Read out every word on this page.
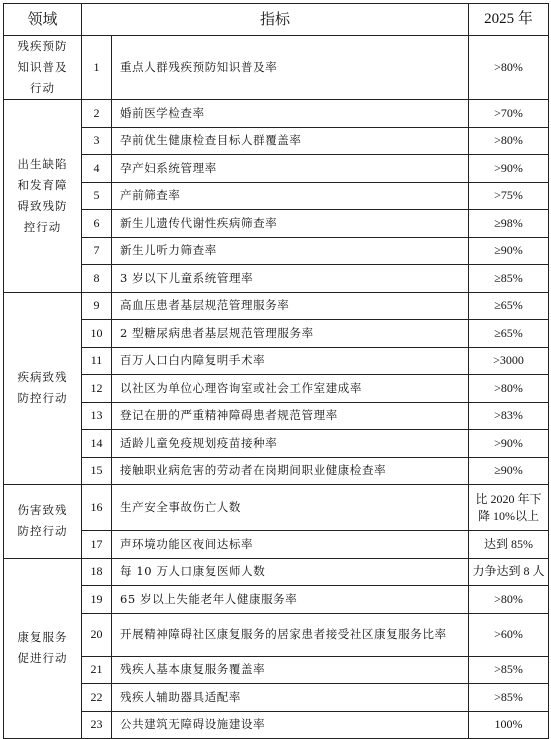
领域	指标		2025 年
残疾预防知识普及行动	1	重点人群残疾预防知识普及率	>80%
出生缺陷和发育障碍致残防控行动	2	婚前医学检查率	>70%
	3	孕前优生健康检查目标人群覆盖率	>80%
	4	孕产妇系统管理率	>90%
	5	产前筛查率	>75%
	6	新生儿遗传代谢性疾病筛查率	≥98%
	7	新生儿听力筛查率	≥90%
	8	3 岁以下儿童系统管理率	≥85%
疾病致残防控行动	9	高血压患者基层规范管理服务率	≥65%
	10	2 型糖尿病患者基层规范管理服务率	≥65%
	11	百万人口白内障复明手术率	>3000
	12	以社区为单位心理咨询室或社会工作室建成率	>80%
	13	登记在册的严重精神障碍患者规范管理率	>83%
	14	适龄儿童免疫规划疫苗接种率	>90%
	15	接触职业病危害的劳动者在岗期间职业健康检查率	≥90%
伤害致残防控行动	16	生产安全事故伤亡人数	比 2020 年下降 10%以上
	17	声环境功能区夜间达标率	达到 85%
康复服务促进行动	18	每 10 万人口康复医师人数	力争达到 8 人
	19	65 岁以上失能老年人健康服务率	>80%
	20	开展精神障碍社区康复服务的居家患者接受社区康复服务比率	>60%
	21	残疾人基本康复服务覆盖率	>85%
	22	残疾人辅助器具适配率	>85%
	23	公共建筑无障碍设施建设率	100%
